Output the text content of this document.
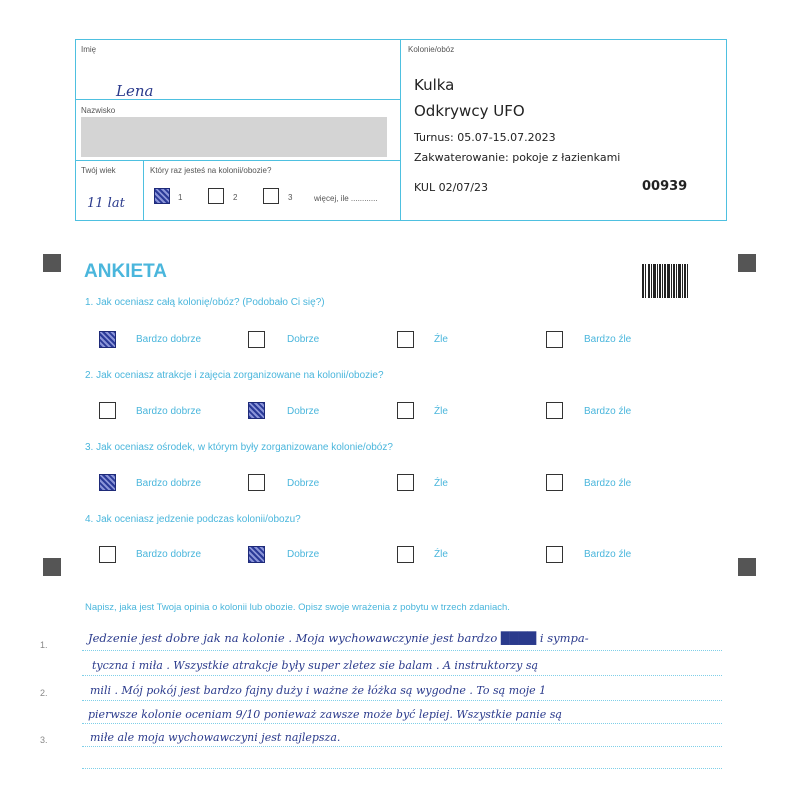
Imię
Lena
Nazwisko
Twój wiek
11 lat
Który raz jesteś na kolonii/obozie?
1	2	3	więcej, ile ............
Kolonie/obóz
Kulka
Odkrywcy UFO
Turnus: 05.07-15.07.2023
Zakwaterowanie: pokoje z łazienkami
KUL 02/07/23	00939
ANKIETA
1. Jak oceniasz całą kolonię/obóz? (Podobało Ci się?)
Bardzo dobrze	Dobrze	Źle	Bardzo źle
2. Jak oceniasz atrakcje i zajęcia zorganizowane na kolonii/obozie?
Bardzo dobrze	Dobrze	Źle	Bardzo źle
3. Jak oceniasz ośrodek, w którym były zorganizowane kolonie/obóz?
Bardzo dobrze	Dobrze	Źle	Bardzo źle
4. Jak oceniasz jedzenie podczas kolonii/obozu?
Bardzo dobrze	Dobrze	Źle	Bardzo źle
Napisz, jaka jest Twoja opinia o kolonii lub obozie. Opisz swoje wrażenia z pobytu w trzech zdaniach.
1.
2.
3.
Jedzenie jest dobre jak na kolonie . Moja wychowawczynie jest bardzo ████ i sympa-
tyczna i miła . Wszystkie atrakcje były super zletez sie balam . A instruktorzy są
mili . Mój pokój jest bardzo fajny duży i ważne że łóżka są wygodne . To są moje 1
pierwsze kolonie oceniam 9/10 ponieważ zawsze może być lepiej. Wszystkie panie są
miłe ale moja wychowawczyni jest najlepsza.
